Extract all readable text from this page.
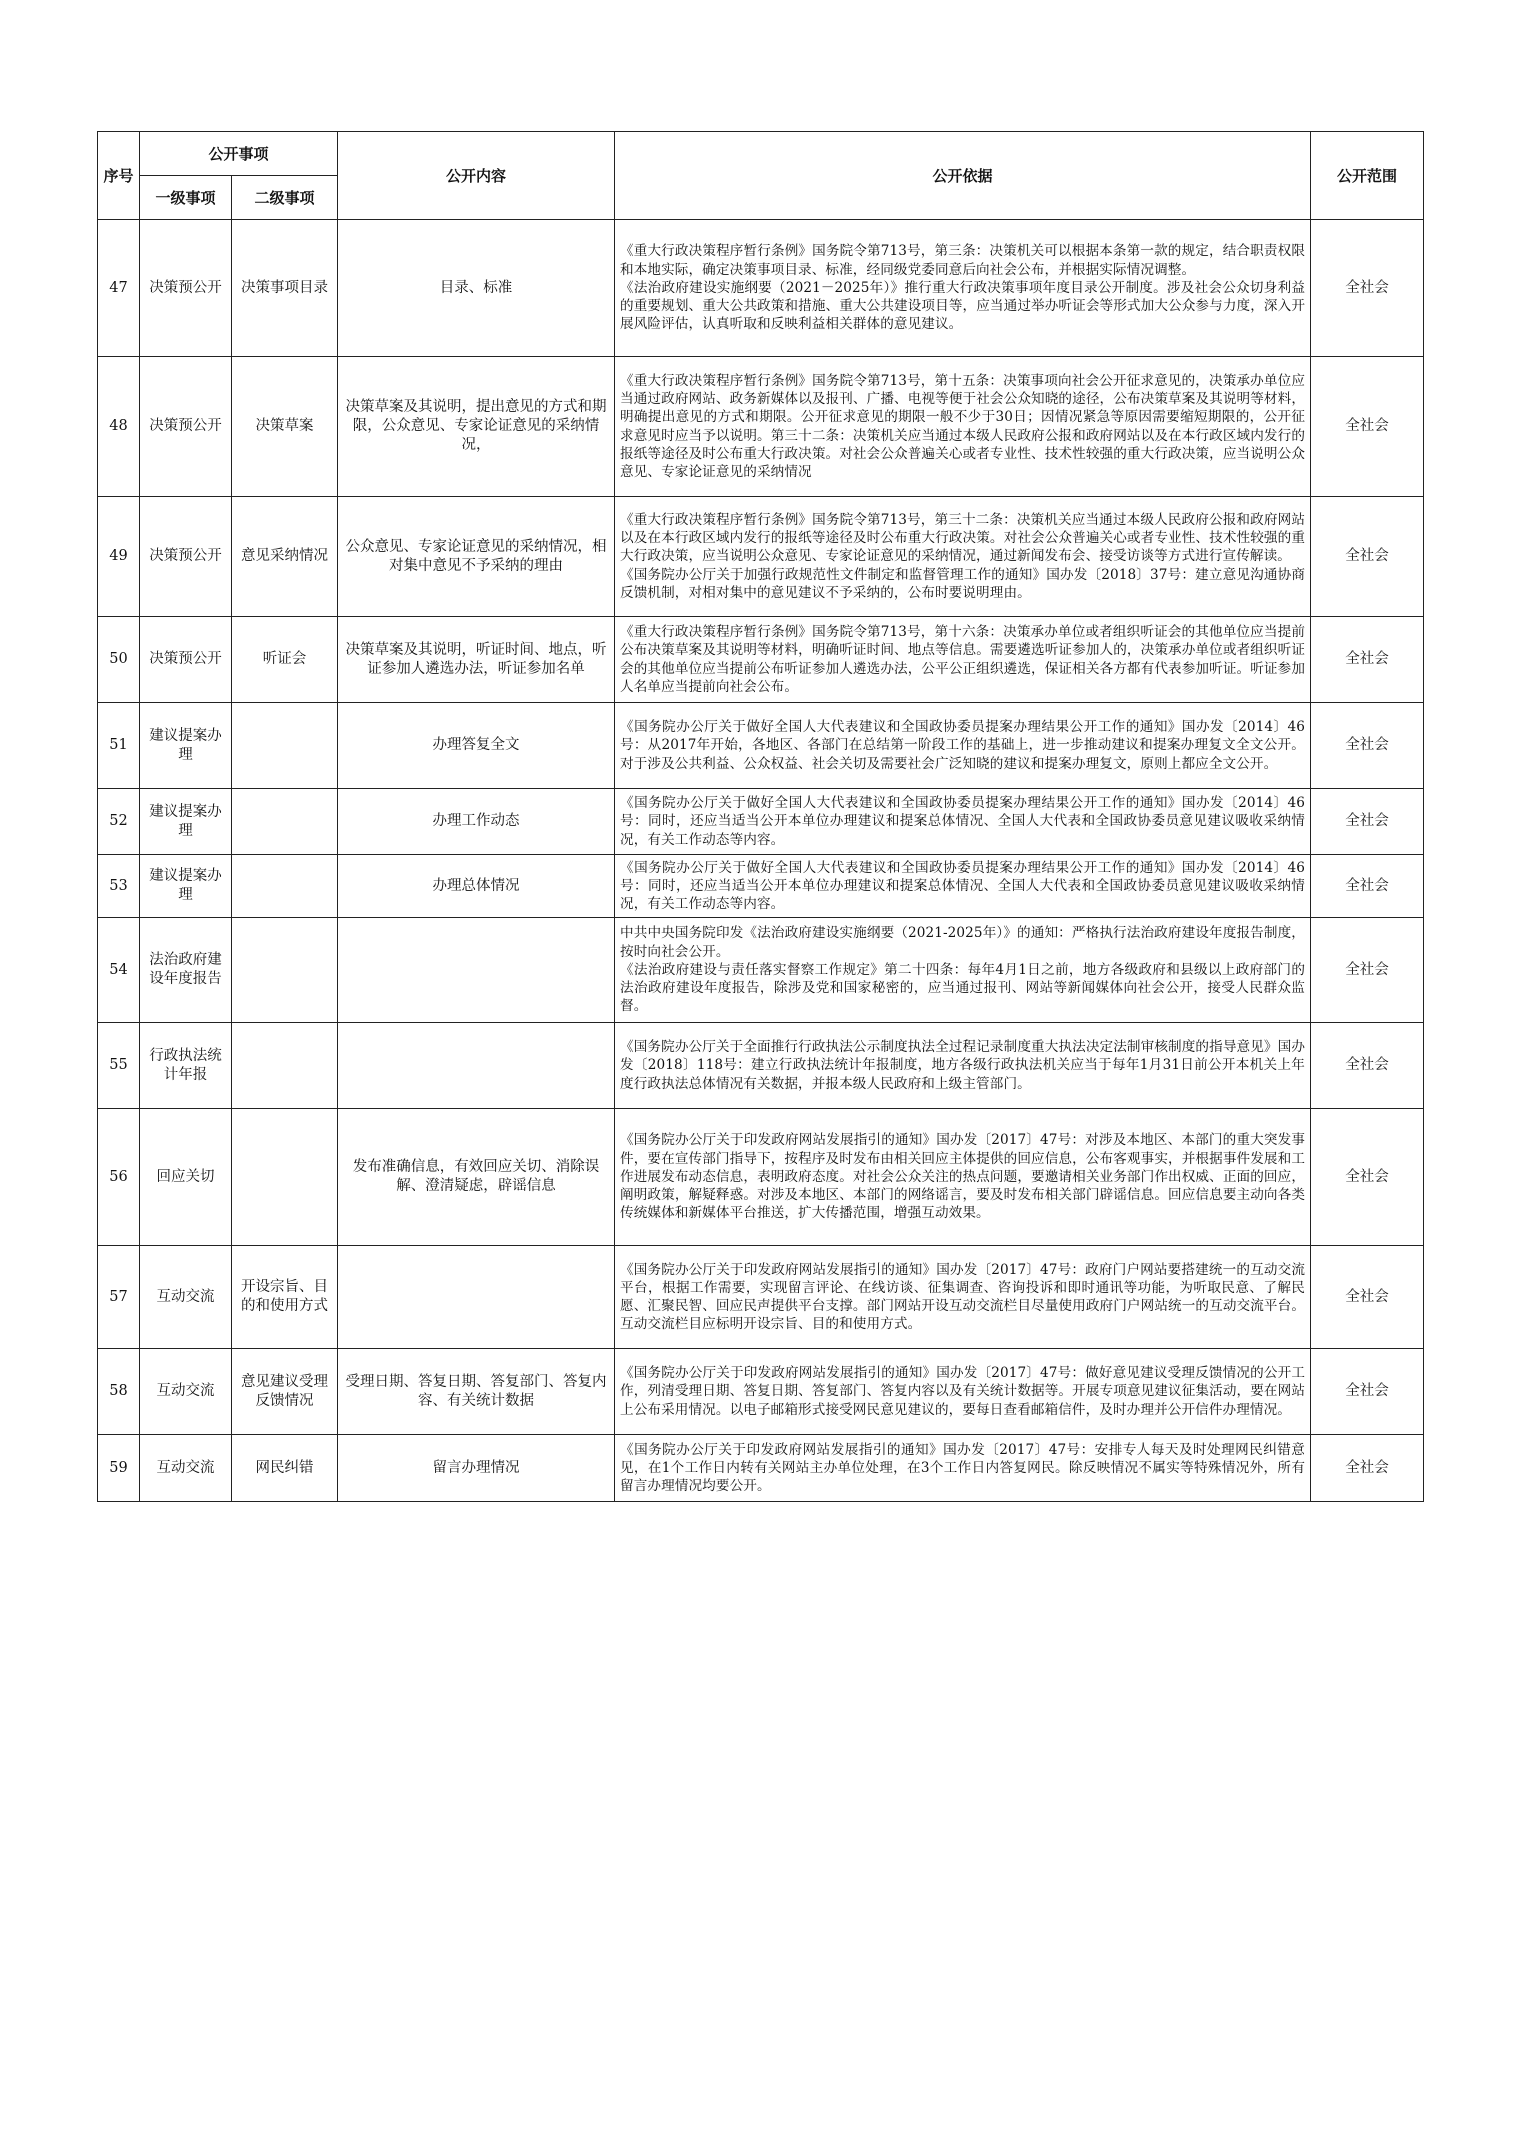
序号	公开事项		公开内容	公开依据	公开范围
	一级事项	二级事项			
47	决策预公开	决策事项目录	目录、标准	《重大行政决策程序暂行条例》国务院令第713号，第三条：决策机关可以根据本条第一款的规定，结合职责权限和本地实际，确定决策事项目录、标准，经同级党委同意后向社会公布，并根据实际情况调整。
《法治政府建设实施纲要（2021－2025年）》推行重大行政决策事项年度目录公开制度。涉及社会公众切身利益的重要规划、重大公共政策和措施、重大公共建设项目等，应当通过举办听证会等形式加大公众参与力度，深入开展风险评估，认真听取和反映利益相关群体的意见建议。	全社会
48	决策预公开	决策草案	决策草案及其说明，提出意见的方式和期限，公众意见、专家论证意见的采纳情况，	《重大行政决策程序暂行条例》国务院令第713号，第十五条：决策事项向社会公开征求意见的，决策承办单位应当通过政府网站、政务新媒体以及报刊、广播、电视等便于社会公众知晓的途径，公布决策草案及其说明等材料，明确提出意见的方式和期限。公开征求意见的期限一般不少于30日；因情况紧急等原因需要缩短期限的，公开征求意见时应当予以说明。第三十二条：决策机关应当通过本级人民政府公报和政府网站以及在本行政区域内发行的报纸等途径及时公布重大行政决策。对社会公众普遍关心或者专业性、技术性较强的重大行政决策，应当说明公众意见、专家论证意见的采纳情况	全社会
49	决策预公开	意见采纳情况	公众意见、专家论证意见的采纳情况，相对集中意见不予采纳的理由	《重大行政决策程序暂行条例》国务院令第713号，第三十二条：决策机关应当通过本级人民政府公报和政府网站以及在本行政区域内发行的报纸等途径及时公布重大行政决策。对社会公众普遍关心或者专业性、技术性较强的重大行政决策，应当说明公众意见、专家论证意见的采纳情况，通过新闻发布会、接受访谈等方式进行宣传解读。
《国务院办公厅关于加强行政规范性文件制定和监督管理工作的通知》国办发〔2018〕37号：建立意见沟通协商反馈机制，对相对集中的意见建议不予采纳的，公布时要说明理由。	全社会
50	决策预公开	听证会	决策草案及其说明，听证时间、地点，听证参加人遴选办法，听证参加名单	《重大行政决策程序暂行条例》国务院令第713号，第十六条：决策承办单位或者组织听证会的其他单位应当提前公布决策草案及其说明等材料，明确听证时间、地点等信息。需要遴选听证参加人的，决策承办单位或者组织听证会的其他单位应当提前公布听证参加人遴选办法，公平公正组织遴选，保证相关各方都有代表参加听证。听证参加人名单应当提前向社会公布。	全社会
51	建议提案办理		办理答复全文	《国务院办公厅关于做好全国人大代表建议和全国政协委员提案办理结果公开工作的通知》国办发〔2014〕46号：从2017年开始，各地区、各部门在总结第一阶段工作的基础上，进一步推动建议和提案办理复文全文公开。对于涉及公共利益、公众权益、社会关切及需要社会广泛知晓的建议和提案办理复文，原则上都应全文公开。	全社会
52	建议提案办理		办理工作动态	《国务院办公厅关于做好全国人大代表建议和全国政协委员提案办理结果公开工作的通知》国办发〔2014〕46号：同时，还应当适当公开本单位办理建议和提案总体情况、全国人大代表和全国政协委员意见建议吸收采纳情况，有关工作动态等内容。	全社会
53	建议提案办理		办理总体情况	《国务院办公厅关于做好全国人大代表建议和全国政协委员提案办理结果公开工作的通知》国办发〔2014〕46号：同时，还应当适当公开本单位办理建议和提案总体情况、全国人大代表和全国政协委员意见建议吸收采纳情况，有关工作动态等内容。	全社会
54	法治政府建设年度报告			中共中央国务院印发《法治政府建设实施纲要（2021-2025年）》的通知：严格执行法治政府建设年度报告制度，按时向社会公开。
《法治政府建设与责任落实督察工作规定》第二十四条：每年4月1日之前，地方各级政府和县级以上政府部门的法治政府建设年度报告，除涉及党和国家秘密的，应当通过报刊、网站等新闻媒体向社会公开，接受人民群众监督。	全社会
55	行政执法统计年报			《国务院办公厅关于全面推行行政执法公示制度执法全过程记录制度重大执法决定法制审核制度的指导意见》国办发〔2018〕118号：建立行政执法统计年报制度，地方各级行政执法机关应当于每年1月31日前公开本机关上年度行政执法总体情况有关数据，并报本级人民政府和上级主管部门。	全社会
56	回应关切		发布准确信息，有效回应关切、消除误解、澄清疑虑，辟谣信息	《国务院办公厅关于印发政府网站发展指引的通知》国办发〔2017〕47号：对涉及本地区、本部门的重大突发事件，要在宣传部门指导下，按程序及时发布由相关回应主体提供的回应信息，公布客观事实，并根据事件发展和工作进展发布动态信息，表明政府态度。对社会公众关注的热点问题，要邀请相关业务部门作出权威、正面的回应，阐明政策，解疑释惑。对涉及本地区、本部门的网络谣言，要及时发布相关部门辟谣信息。回应信息要主动向各类传统媒体和新媒体平台推送，扩大传播范围，增强互动效果。	全社会
57	互动交流	开设宗旨、目的和使用方式		《国务院办公厅关于印发政府网站发展指引的通知》国办发〔2017〕47号：政府门户网站要搭建统一的互动交流平台，根据工作需要，实现留言评论、在线访谈、征集调查、咨询投诉和即时通讯等功能，为听取民意、了解民愿、汇聚民智、回应民声提供平台支撑。部门网站开设互动交流栏目尽量使用政府门户网站统一的互动交流平台。互动交流栏目应标明开设宗旨、目的和使用方式。	全社会
58	互动交流	意见建议受理反馈情况	受理日期、答复日期、答复部门、答复内容、有关统计数据	《国务院办公厅关于印发政府网站发展指引的通知》国办发〔2017〕47号：做好意见建议受理反馈情况的公开工作，列清受理日期、答复日期、答复部门、答复内容以及有关统计数据等。开展专项意见建议征集活动，要在网站上公布采用情况。以电子邮箱形式接受网民意见建议的，要每日查看邮箱信件，及时办理并公开信件办理情况。	全社会
59	互动交流	网民纠错	留言办理情况	《国务院办公厅关于印发政府网站发展指引的通知》国办发〔2017〕47号：安排专人每天及时处理网民纠错意见，在1个工作日内转有关网站主办单位处理，在3个工作日内答复网民。除反映情况不属实等特殊情况外，所有留言办理情况均要公开。	全社会
